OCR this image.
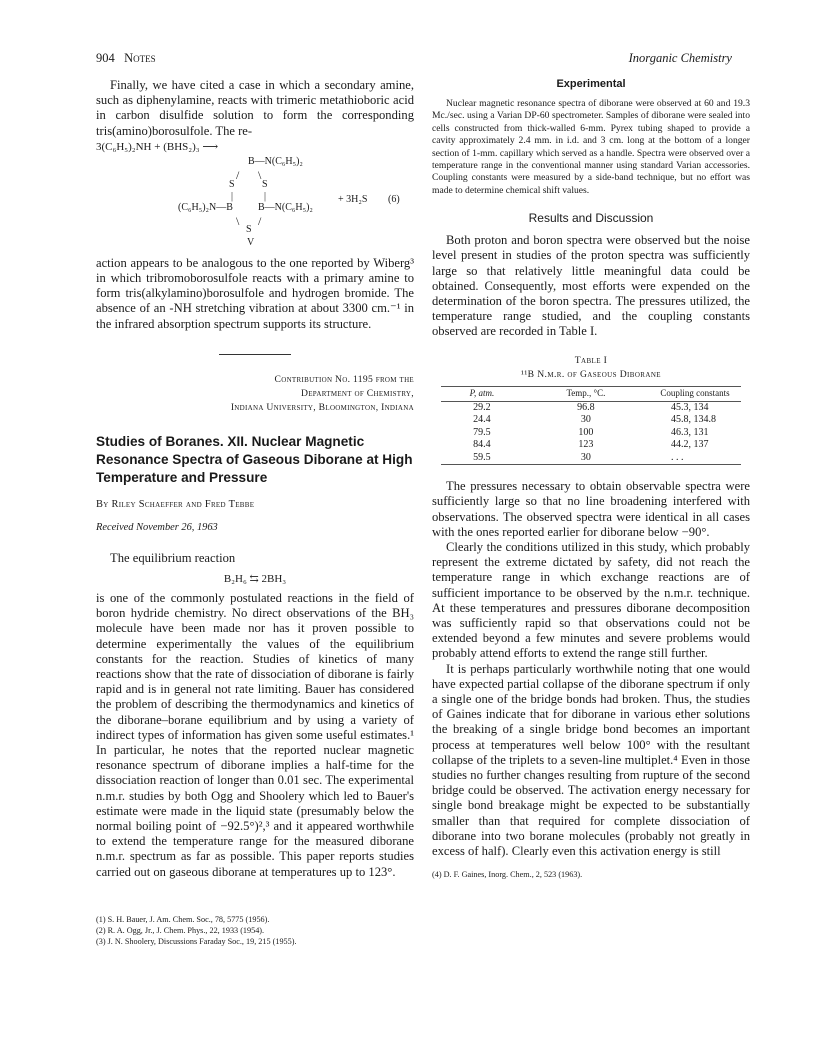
904 Notes	Inorganic Chemistry

Finally, we have cited a case in which a secondary amine, such as diphenylamine, reacts with trimeric metathioboric acid in carbon disulfide solution to form the corresponding tris(amino)borosulfole. The re-

3(C₆H₅)₂NH + (BHS₂)₃ ⟶
B—N(C₆H₅)₂
/ \
S	S
|	|
(C₆H₅)₂N—B	B—N(C₆H₅)₂
+ 3H₂S (6)
\ /
S
V

action appears to be analogous to the one reported by Wiberg³ in which tribromoborosulfole reacts with a primary amine to form tris(alkylamino)borosulfole and hydrogen bromide. The absence of an -NH stretching vibration at about 3300 cm.⁻¹ in the infrared absorption spectrum supports its structure.

Contribution No. 1195 from the
Department of Chemistry,
Indiana University, Bloomington, Indiana
Studies of Boranes. XII. Nuclear Magnetic Resonance Spectra of Gaseous Diborane at High Temperature and Pressure
By Riley Schaeffer and Fred Tebbe
Received November 26, 1963

The equilibrium reaction

B₂H₆ ⇆ 2BH₃

is one of the commonly postulated reactions in the field of boron hydride chemistry. No direct observations of the BH₃ molecule have been made nor has it proven possible to determine experimentally the values of the equilibrium constants for the reaction. Studies of kinetics of many reactions show that the rate of dissociation of diborane is fairly rapid and is in general not rate limiting. Bauer has considered the problem of describing the thermodynamics and kinetics of the diborane–borane equilibrium and by using a variety of indirect types of information has given some useful estimates.¹ In particular, he notes that the reported nuclear magnetic resonance spectrum of diborane implies a half-time for the dissociation reaction of longer than 0.01 sec. The experimental n.m.r. studies by both Ogg and Shoolery which led to Bauer's estimate were made in the liquid state (presumably below the normal boiling point of −92.5°)²,³ and it appeared worthwhile to extend the temperature range for the measured diborane n.m.r. spectrum as far as possible. This paper reports studies carried out on gaseous diborane at temperatures up to 123°.

(1) S. H. Bauer, J. Am. Chem. Soc., 78, 5775 (1956).
(2) R. A. Ogg, Jr., J. Chem. Phys., 22, 1933 (1954).
(3) J. N. Shoolery, Discussions Faraday Soc., 19, 215 (1955).
Experimental

Nuclear magnetic resonance spectra of diborane were observed at 60 and 19.3 Mc./sec. using a Varian DP-60 spectrometer. Samples of diborane were sealed into cells constructed from thick-walled 6-mm. Pyrex tubing shaped to provide a cavity approximately 2.4 mm. in i.d. and 3 cm. long at the bottom of a longer section of 1-mm. capillary which served as a handle. Spectra were observed over a temperature range in the conventional manner using standard Varian accessories. Coupling constants were measured by a side-band technique, but no effort was made to determine chemical shift values.

Results and Discussion

Both proton and boron spectra were observed but the noise level present in studies of the proton spectra was sufficiently large so that relatively little meaningful data could be obtained. Consequently, most efforts were expended on the determination of the boron spectra. The pressures utilized, the temperature range studied, and the coupling constants observed are recorded in Table I.

Table I
¹¹B N.m.r. of Gaseous Diborane
P, atm.	Temp., °C.	Coupling constants
29.2	96.8	45.3, 134
24.4	30	45.8, 134.8
79.5	100	46.3, 131
84.4	123	44.2, 137
59.5	30	. . .

The pressures necessary to obtain observable spectra were sufficiently large so that no line broadening interfered with observations. The observed spectra were identical in all cases with the ones reported earlier for diborane below −90°.

Clearly the conditions utilized in this study, which probably represent the extreme dictated by safety, did not reach the temperature range in which exchange reactions are of sufficient importance to be observed by the n.m.r. technique. At these temperatures and pressures diborane decomposition was sufficiently rapid so that observations could not be extended beyond a few minutes and severe problems would probably attend efforts to extend the range still further.

It is perhaps particularly worthwhile noting that one would have expected partial collapse of the diborane spectrum if only a single one of the bridge bonds had broken. Thus, the studies of Gaines indicate that for diborane in various ether solutions the breaking of a single bridge bond becomes an important process at temperatures well below 100° with the resultant collapse of the triplets to a seven-line multiplet.⁴ Even in those studies no further changes resulting from rupture of the second bridge could be observed. The activation energy necessary for single bond breakage might be expected to be substantially smaller than that required for complete dissociation of diborane into two borane molecules (probably not greatly in excess of half). Clearly even this activation energy is still

(4) D. F. Gaines, Inorg. Chem., 2, 523 (1963).
